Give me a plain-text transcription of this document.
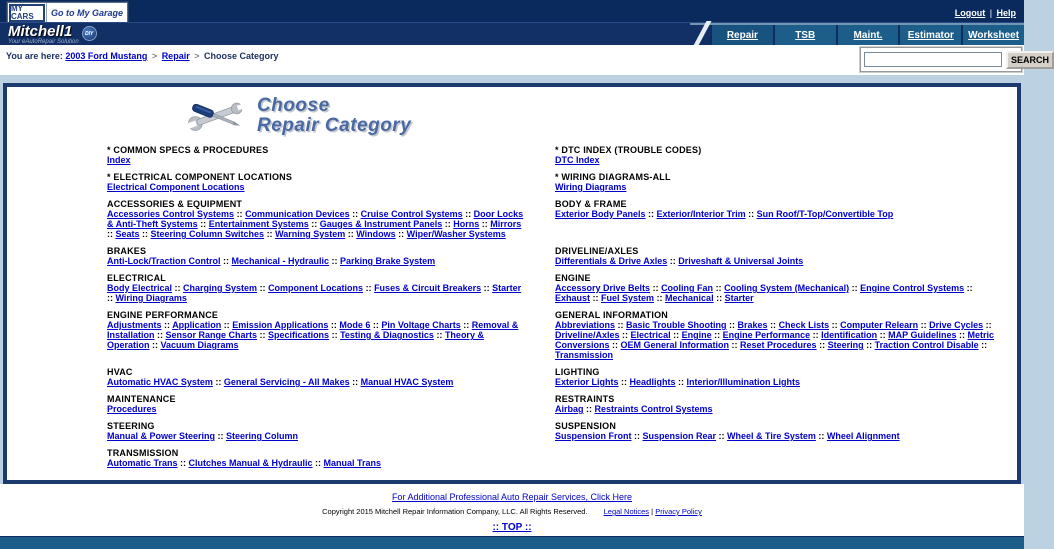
MY CARS	Go to My Garage	Logout | Help
Mitchell1
Your eAutoRepair Solution
DIY	Repair	TSB	Maint.	Estimator Worksheet
You are here: 2003 Ford Mustang > Repair > Choose Category	SEARCH
Choose
Repair Category
* COMMON SPECS & PROCEDURES
Index
* DTC INDEX (TROUBLE CODES)
DTC Index
* ELECTRICAL COMPONENT LOCATIONS
Electrical Component Locations
* WIRING DIAGRAMS-ALL
Wiring Diagrams
ACCESSORIES & EQUIPMENT
Accessories Control Systems :: Communication Devices :: Cruise Control Systems :: Door Locks & Anti-Theft Systems :: Entertainment Systems :: Gauges & Instrument Panels :: Horns :: Mirrors :: Seats :: Steering Column Switches :: Warning System :: Windows :: Wiper/Washer Systems
BODY & FRAME
Exterior Body Panels :: Exterior/Interior Trim :: Sun Roof/T-Top/Convertible Top
BRAKES
Anti-Lock/Traction Control :: Mechanical - Hydraulic :: Parking Brake System
DRIVELINE/AXLES
Differentials & Drive Axles :: Driveshaft & Universal Joints
ELECTRICAL
Body Electrical :: Charging System :: Component Locations :: Fuses & Circuit Breakers :: Starter :: Wiring Diagrams
ENGINE
Accessory Drive Belts :: Cooling Fan :: Cooling System (Mechanical) :: Engine Control Systems :: Exhaust :: Fuel System :: Mechanical :: Starter
ENGINE PERFORMANCE
Adjustments :: Application :: Emission Applications :: Mode 6 :: Pin Voltage Charts :: Removal & Installation :: Sensor Range Charts :: Specifications :: Testing & Diagnostics :: Theory & Operation :: Vacuum Diagrams
GENERAL INFORMATION
Abbreviations :: Basic Trouble Shooting :: Brakes :: Check Lists :: Computer Relearn :: Drive Cycles :: Driveline/Axles :: Electrical :: Engine :: Engine Performance :: Identification :: MAP Guidelines :: Metric Conversions :: OEM General Information :: Reset Procedures :: Steering :: Traction Control Disable :: Transmission
HVAC
Automatic HVAC System :: General Servicing - All Makes :: Manual HVAC System
LIGHTING
Exterior Lights :: Headlights :: Interior/Illumination Lights
MAINTENANCE
Procedures
RESTRAINTS
Airbag :: Restraints Control Systems
STEERING
Manual & Power Steering :: Steering Column
SUSPENSION
Suspension Front :: Suspension Rear :: Wheel & Tire System :: Wheel Alignment
TRANSMISSION
Automatic Trans :: Clutches Manual & Hydraulic :: Manual Trans
For Additional Professional Auto Repair Services, Click Here
Copyright 2015 Mitchell Repair Information Company, LLC. All Rights Reserved. Legal Notices | Privacy Policy
:: TOP ::
